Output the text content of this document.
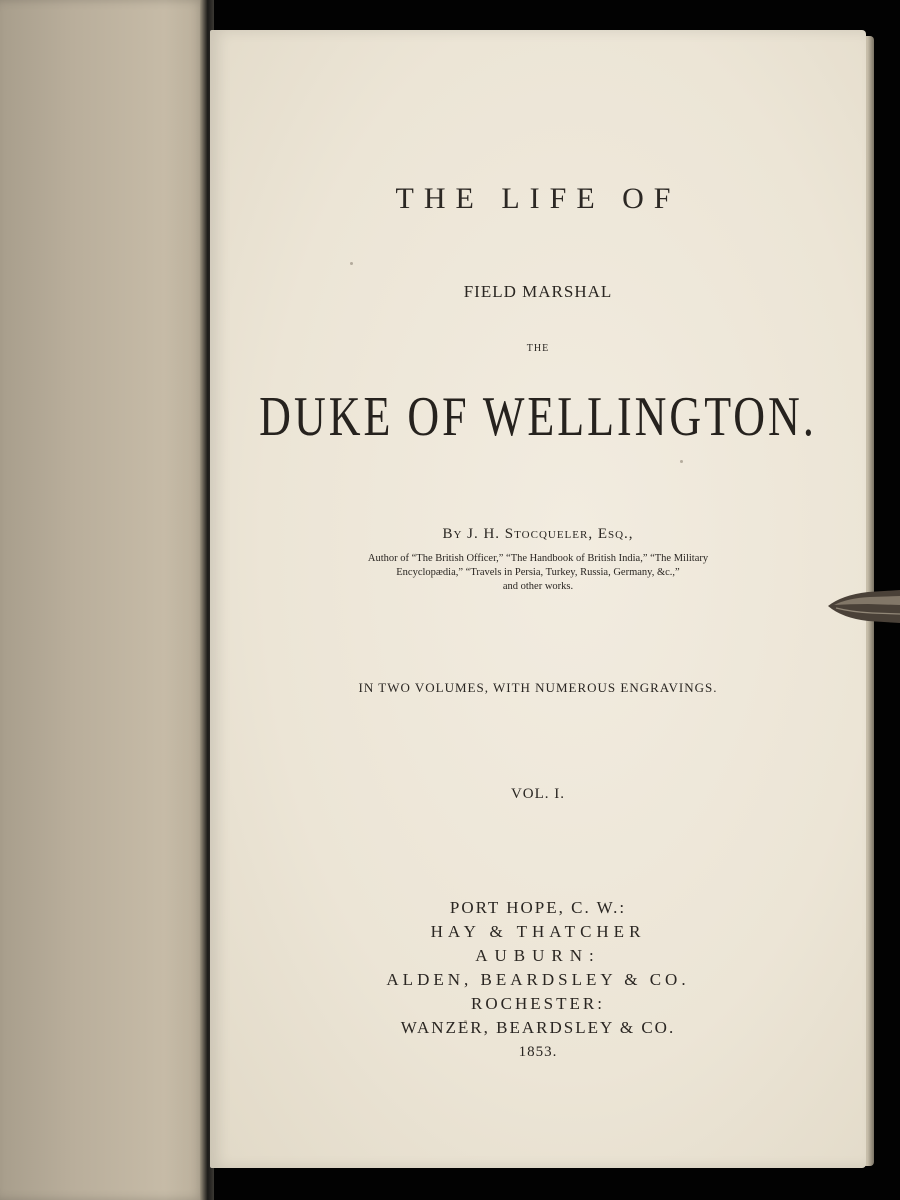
THE LIFE OF
FIELD MARSHAL
THE
DUKE OF WELLINGTON.
By J. H. Stocqueler, Esq.,
Author of “The British Officer,” “The Handbook of British India,” “The Military
Encyclopædia,” “Travels in Persia, Turkey, Russia, Germany, &c.,”
and other works.
IN TWO VOLUMES, WITH NUMEROUS ENGRAVINGS.
VOL. I.
PORT HOPE, C. W.:
HAY & THATCHER
AUBURN:
ALDEN, BEARDSLEY & CO.
ROCHESTER:
WANZER, BEARDSLEY & CO.
1853.
